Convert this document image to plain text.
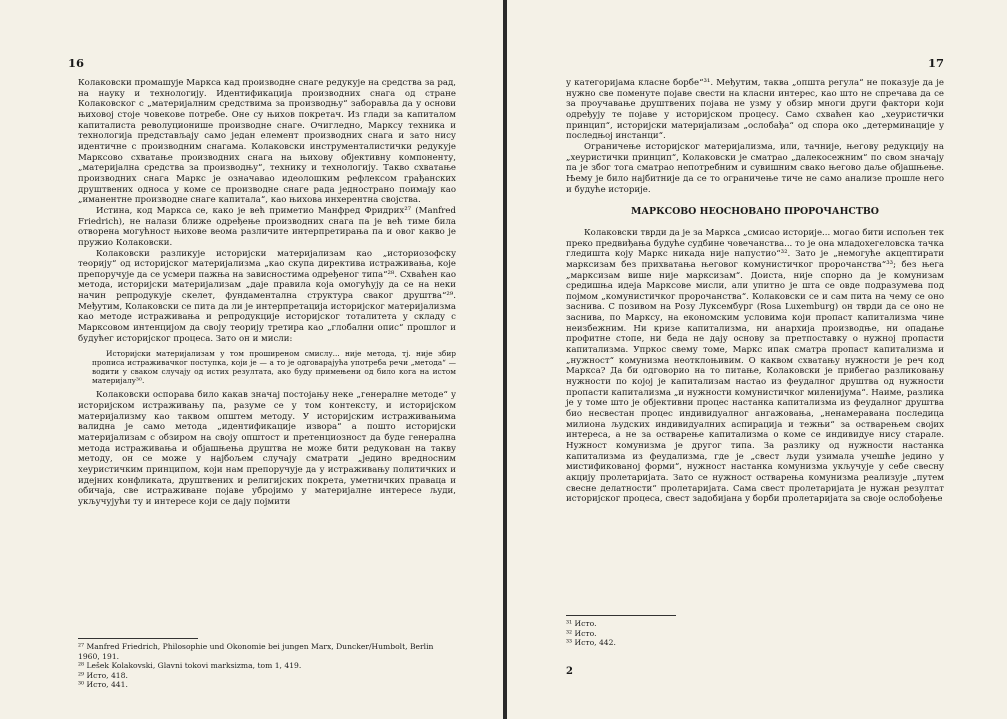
16

Колаковски промашује Маркса кад производне снаге редукује на средства за рад, на науку и технологију. Идентификација производних снага од стране Колаковског с „материјалним средствима за производњу“ заборавља да у основи њиховој стоје човекове потребе. Оне су њихов покретач. Из глади за капиталом капиталиста револуционише производне снаге. Очигледно, Марксу техника и технологија представљају само један елемент производних снага и зато нису идентичне с производним снагама. Колаковски инструменталистички редукује Марксово схватање производних снага на њихову објективну компоненту, „материјална средства за производњу“, технику и технологију. Такво схватање производних снага Маркс је означавао идеолошким рефлексом грађанских друштвених односа у коме се производне снаге рада једнострано поимају као „иманентне производне снаге капитала“, као њихова инхерентна својства.

Истина, код Маркса се, како је већ приметио Манфред Фридрих²⁷ (Manfred Friedrich), не налази ближе одређење производних снага па је већ тиме била отворена могућност њихове веома различите интерпретирања па и овог какво је пружио Колаковски.

Колаковски разликује историјски материјализам као „историозофску теорију“ од историјског материјализма „као скупа директива истраживања, које препоручује да се усмери пажња на зависностима одређеног типа“²⁸. Схваћен као метода, историјски материјализам „даје правила која омогућују да се на неки начин репродукује скелет, фундаментална структура сваког друштва“²⁹. Међутим, Колаковски се пита да ли је интерпретација историјског материјализма као методе истраживања и репродукције историјског тоталитета у складу с Марксовом интенцијом да своју теорију третира као „глобални опис“ прошлог и будућег историјског процеса. Зато он и мисли:

Историјски материјализам у том проширеном смислу... није метода, тј. није збир прописа истраживачког поступка, који је — а то је одговарајућа употреба речи „метода“ — водити у сваком случају од истих резултата, ако буду примењени од било кога на истом материјалу³⁰.

Колаковски оспорава било какав значај постојању неке „генералне методе“ у историјском истраживању па, разуме се у том контексту, и историјском материјализму као таквом општем методу. У историјским истраживањима валидна је само метода „идентификације извора“ а пошто историјски материјализам с обзиром на своју општост и претенциозност да буде генерална метода истраживања и објашњења друштва не може бити редукован на такву методу, он се може у најбољем случају сматрати „једино вредносним хеуристичким принципом, који нам препоручује да у истраживању политичких и идејних конфликата, друштвених и религијских покрета, уметничких праваца и обичаја, све истраживане појаве убројимо у материјалне интересе људи, укључујући ту и интересе који се дају појмити

²⁷ Manfred Friedrich, Philosophie und Okonomie bei jungen Marx, Duncker/Humbolt, Berlin 1960, 191.
²⁸ Lešek Kolakovski, Glavni tokovi marksizma, tom 1, 419.
²⁹ Исто, 418.
³⁰ Исто, 441.
17

у категоријама класне борбе“³¹. Међутим, таква „општа регула“ не показује да је нужно све поменуте појаве свести на класни интерес, као што не спречава да се за проучавање друштвених појава не узму у обзир многи други фактори који одређују те појаве у историјском процесу. Само схваћен као „хеуристички принцип“, историјски материјализам „ослобађа“ од спора око „детерминације у последњој инстанци“.

Ограничење историјског материјализма, или, тачније, његову редукцију на „хеуристички принцип“, Колаковски је сматрао „далекосежним“ по свом значају па је због тога сматрао непотребним и сувишним свако његово даље објашњење. Њему је било најбитније да се то ограничење тиче не само анализе прошле него и будуће историје.

МАРКСОВО НЕОСНОВАНО ПРОРОЧАНСТВО

Колаковски тврди да је за Маркса „смисао историје... могао бити испољен тек преко предвиђања будуће судбине човечанства... то је она младохегеловска тачка гледишта коју Маркс никада није напустио“³². Зато је „немогуће акцептирати марксизам без прихватања његовог комунистичког пророчанства“³³; без њега „марксизам више није марксизам“. Доиста, није спорно да је комунизам средишња идеја Марксове мисли, али упитно је шта се овде подразумева под појмом „комунистичког пророчанства“. Колаковски се и сам пита на чему се оно заснива. С позивом на Розу Луксембург (Rosa Luxemburg) он тврди да се оно не заснива, по Марксу, на економским условима који пропаст капитализма чине неизбежним. Ни кризе капитализма, ни анархија производње, ни опадање профитне стопе, ни беда не дају основу за претпоставку о нужној пропасти капитализма. Упркос свему томе, Маркс ипак сматра пропаст капитализма и „нужност“ комунизма неотклоњивим. О каквом схватању нужности је реч код Маркса? Да би одговорио на то питање, Колаковски је прибегао разликовању нужности по којој је капитализам настао из феудалног друштва од нужности пропасти капитализма „и нужности комунистичког миленијума“. Наиме, разлика је у томе што је објективни процес настанка капитализма из феудалног друштва био несвестан процес индивидуалног ангажовања, „ненамеравана последица милиона људских индивидуалних аспирација и тежњи“ за остварењем својих интереса, а не за остварење капитализма о коме се индивидуе нису старале. Нужност комунизма је другог типа. За разлику од нужности настанка капитализма из феудализма, где је „свест људи узимала учешће једино у мистификованој форми“, нужност настанка комунизма укључује у себе свесну акцију пролетаријата. Зато се нужност остварења комунизма реализује „путем свесне делатности“ пролетаријата. Сама свест пролетаријата је нужан резултат историјског процеса, свест задобијана у борби пролетаријата за своје ослобођење

³¹ Исто.
³² Исто.
³³ Исто, 442.
2
